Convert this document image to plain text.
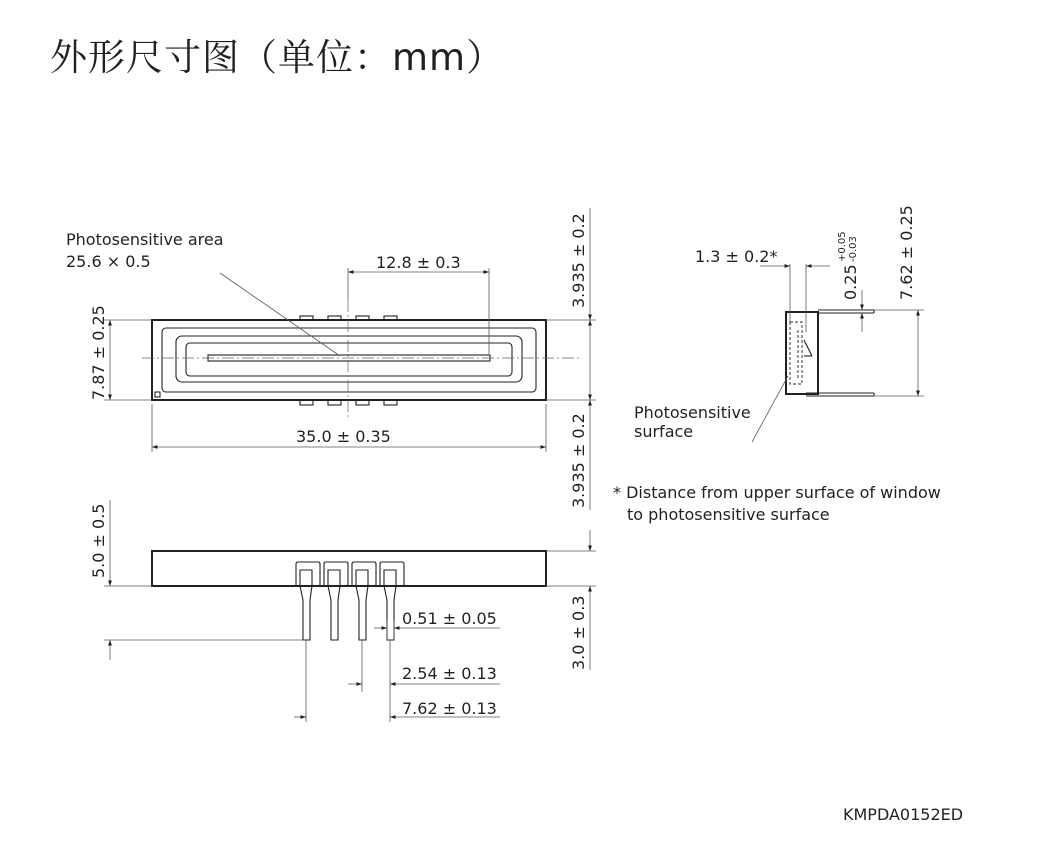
外形尺寸图（单位：mm）
Photosensitive area
25.6 × 0.5	12.8 ± 0.3
35.0 ± 0.35
7.87 ± 0.25
3.935 ± 0.2
3.935 ± 0.2
1.3 ± 0.2*
0.25
+0.05 -0.03 7.62 ± 0.25
Photosensitive
surface
* Distance from upper surface of window
to photosensitive surface
5.0 ± 0.5
3.0 ± 0.3
0.51 ± 0.05
2.54 ± 0.13
7.62 ± 0.13
KMPDA0152ED
